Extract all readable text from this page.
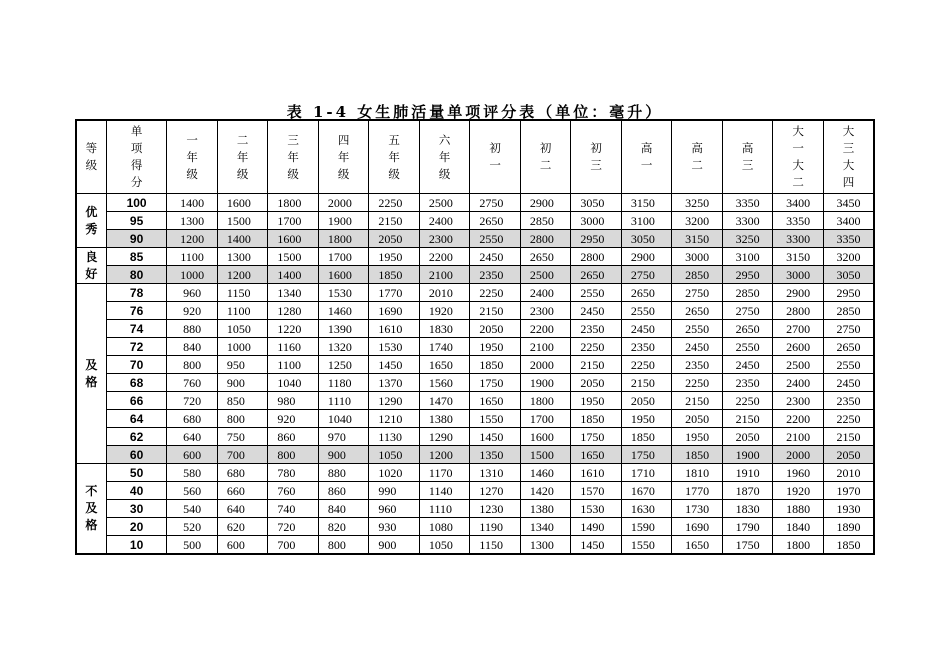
表 1-4 女生肺活量单项评分表（单位：毫升）
等级	单项得分	一年级	二年级	三年级	四年级	五年级	六年级	初一	初二	初三	高一	高二	高三	大一大二	大三大四
优秀	100	1400	1600	1800	2000	2250	2500	2750	2900	3050	3150	3250	3350	3400	3450
	95	1300	1500	1700	1900	2150	2400	2650	2850	3000	3100	3200	3300	3350	3400
	90	1200	1400	1600	1800	2050	2300	2550	2800	2950	3050	3150	3250	3300	3350
良好	85	1100	1300	1500	1700	1950	2200	2450	2650	2800	2900	3000	3100	3150	3200
	80	1000	1200	1400	1600	1850	2100	2350	2500	2650	2750	2850	2950	3000	3050
及格	78	960	1150	1340	1530	1770	2010	2250	2400	2550	2650	2750	2850	2900	2950
	76	920	1100	1280	1460	1690	1920	2150	2300	2450	2550	2650	2750	2800	2850
	74	880	1050	1220	1390	1610	1830	2050	2200	2350	2450	2550	2650	2700	2750
	72	840	1000	1160	1320	1530	1740	1950	2100	2250	2350	2450	2550	2600	2650
	70	800	950	1100	1250	1450	1650	1850	2000	2150	2250	2350	2450	2500	2550
	68	760	900	1040	1180	1370	1560	1750	1900	2050	2150	2250	2350	2400	2450
	66	720	850	980	1110	1290	1470	1650	1800	1950	2050	2150	2250	2300	2350
	64	680	800	920	1040	1210	1380	1550	1700	1850	1950	2050	2150	2200	2250
	62	640	750	860	970	1130	1290	1450	1600	1750	1850	1950	2050	2100	2150
	60	600	700	800	900	1050	1200	1350	1500	1650	1750	1850	1900	2000	2050
不及格	50	580	680	780	880	1020	1170	1310	1460	1610	1710	1810	1910	1960	2010
	40	560	660	760	860	990	1140	1270	1420	1570	1670	1770	1870	1920	1970
	30	540	640	740	840	960	1110	1230	1380	1530	1630	1730	1830	1880	1930
	20	520	620	720	820	930	1080	1190	1340	1490	1590	1690	1790	1840	1890
	10	500	600	700	800	900	1050	1150	1300	1450	1550	1650	1750	1800	1850
